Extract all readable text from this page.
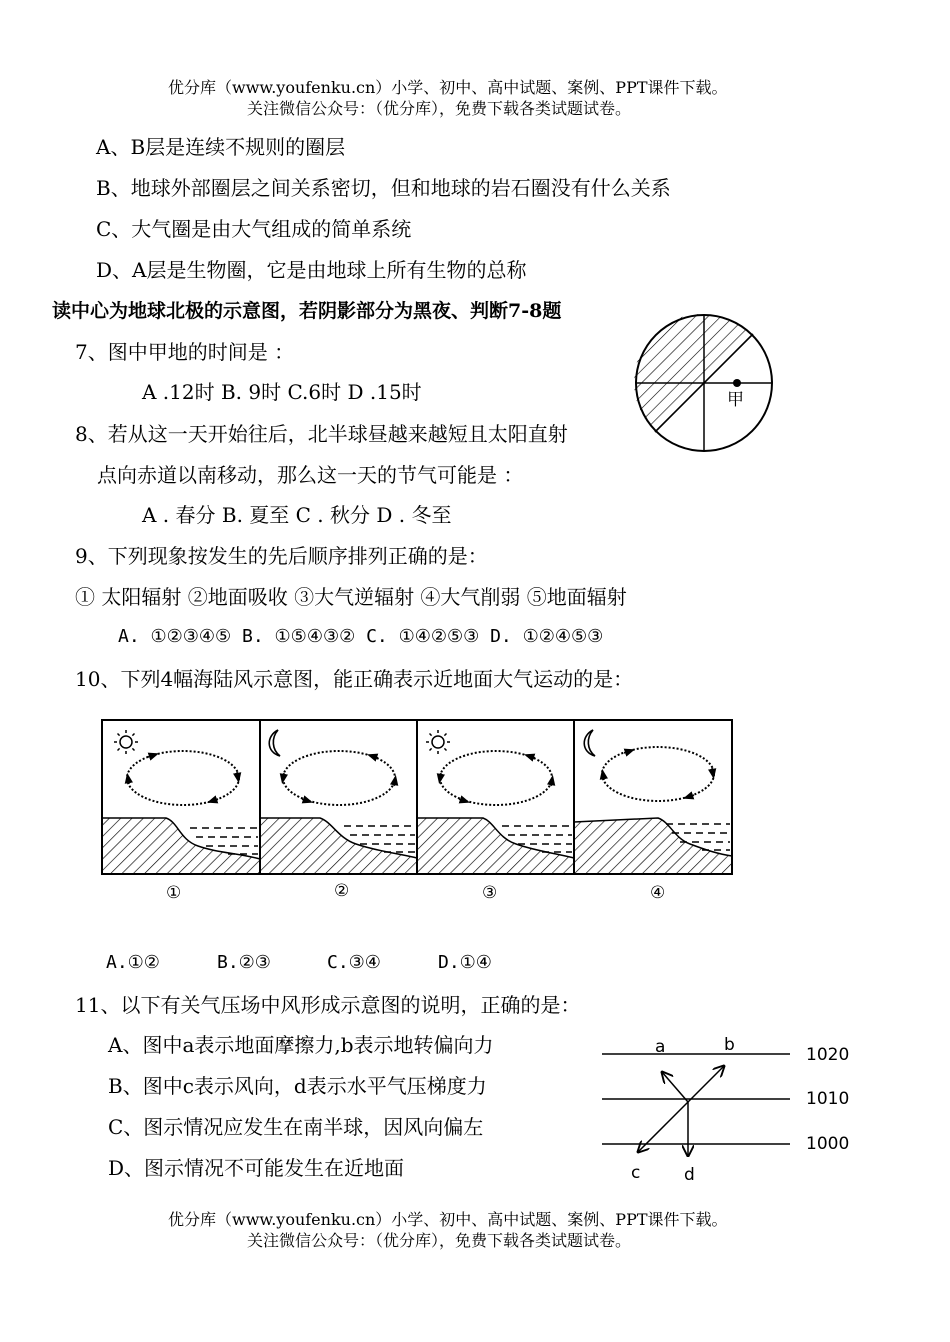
优分库（www.youfenku.cn）小学、初中、高中试题、案例、PPT课件下载。
关注微信公众号：（优分库），免费下载各类试题试卷。
A、B层是连续不规则的圈层
B、地球外部圈层之间关系密切，但和地球的岩石圈没有什么关系
C、大气圈是由大气组成的简单系统
D、A层是生物圈，它是由地球上所有生物的总称
读中心为地球北极的示意图，若阴影部分为黑夜、判断7-8题
7、图中甲地的时间是 ：
A .12时 B. 9时 C.6时 D .15时	甲
8、若从这一天开始往后，北半球昼越来越短且太阳直射
点向赤道以南移动，那么这一天的节气可能是 ：
A . 春分 B. 夏至 C . 秋分 D . 冬至
9、下列现象按发生的先后顺序排列正确的是：
① 太阳辐射 ②地面吸收 ③大气逆辐射 ④大气削弱 ⑤地面辐射
A. ①②③④⑤ B. ①⑤④③② C. ①④②⑤③ D. ①②④⑤③
10、下列4幅海陆风示意图，能正确表示近地面大气运动的是：
①	②	③	④
A.①②	B.②③	C.③④	D.①④
11、以下有关气压场中风形成示意图的说明，正确的是：
A、图中a表示地面摩擦力,b表示地转偏向力
B、图中c表示风向，d表示水平气压梯度力
C、图示情况应发生在南半球，因风向偏左
D、图示情况不可能发生在近地面
1020
1010
1000
a	b
c	d
优分库（www.youfenku.cn）小学、初中、高中试题、案例、PPT课件下载。
关注微信公众号：（优分库），免费下载各类试题试卷。
